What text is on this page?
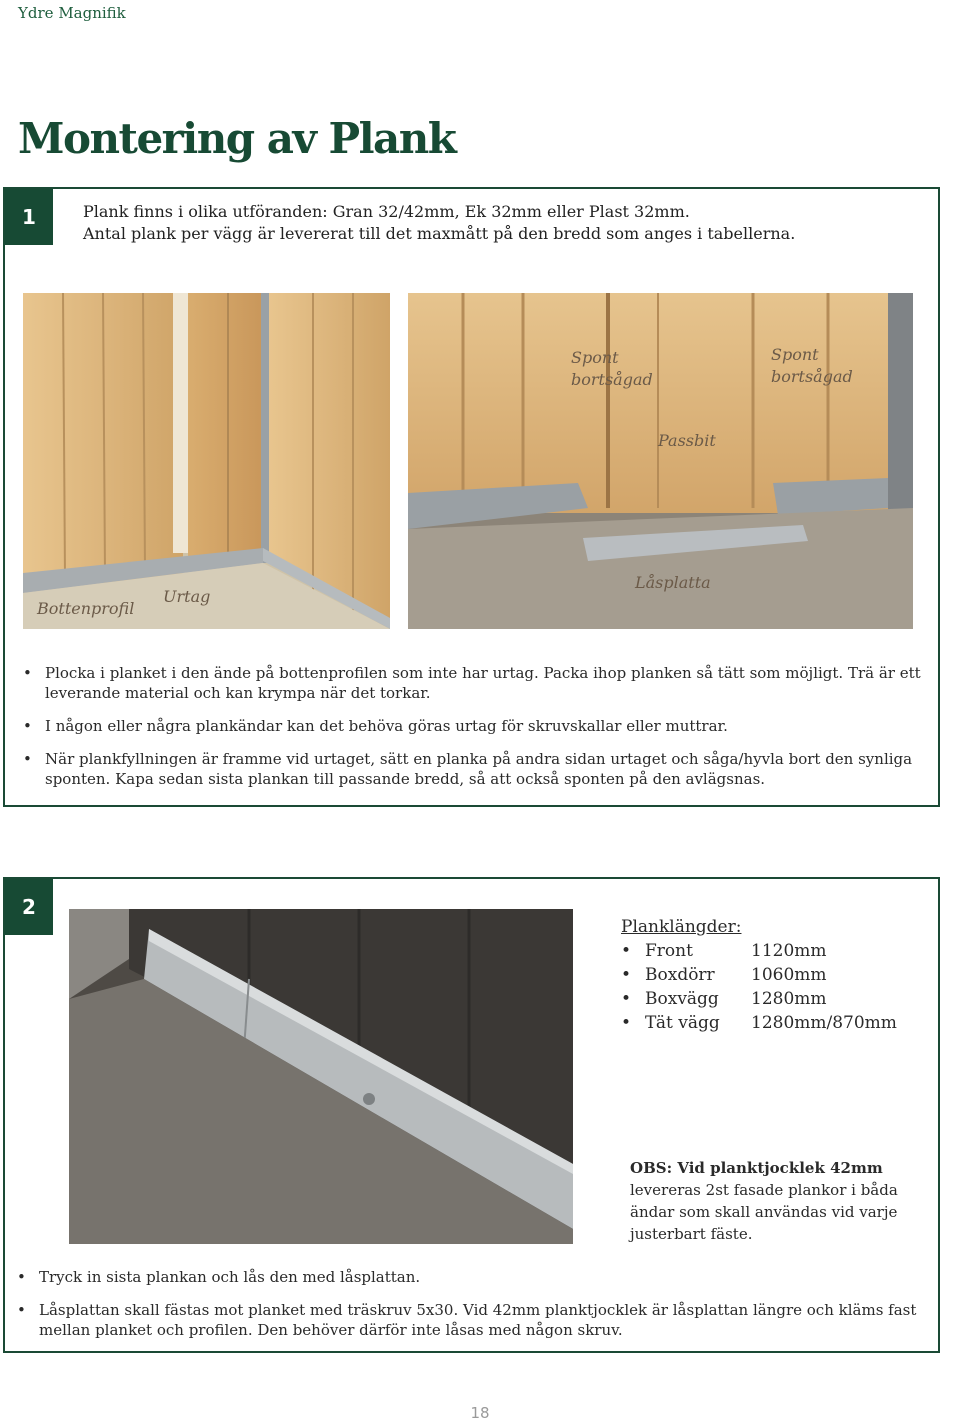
Ydre Magnifik
Montering av Plank
1	Plank finns i olika utföranden: Gran 32/42mm, Ek 32mm eller Plast 32mm.
Antal plank per vägg är levererat till det maxmått på den bredd som anges i tabellerna.
Bottenprofil
Urtag
Spont
bortsågad
Spont
bortsågad
Passbit
Låsplatta
• Plocka i planket i den ände på bottenprofilen som inte har urtag. Packa ihop planken så tätt som möjligt. Trä är ett leverande material och kan krympa när det torkar.
• I någon eller några plankändar kan det behöva göras urtag för skruvskallar eller muttrar.
• När plankfyllningen är framme vid urtaget, sätt en planka på andra sidan urtaget och såga/hyvla bort den synliga sponten. Kapa sedan sista plankan till passande bredd, så att också sponten på den avlägsnas.
2
Planklängder:
• Front	1120mm
• Boxdörr	1060mm
• Boxvägg	1280mm
• Tät vägg	1280mm/870mm
OBS: Vid planktjocklek 42mm levereras 2st fasade plankor i båda ändar som skall användas vid varje justerbart fäste.
• Tryck in sista plankan och lås den med låsplattan.
• Låsplattan skall fästas mot planket med träskruv 5x30. Vid 42mm planktjocklek är låsplattan längre och kläms fast mellan planket och profilen. Den behöver därför inte låsas med någon skruv.
18
